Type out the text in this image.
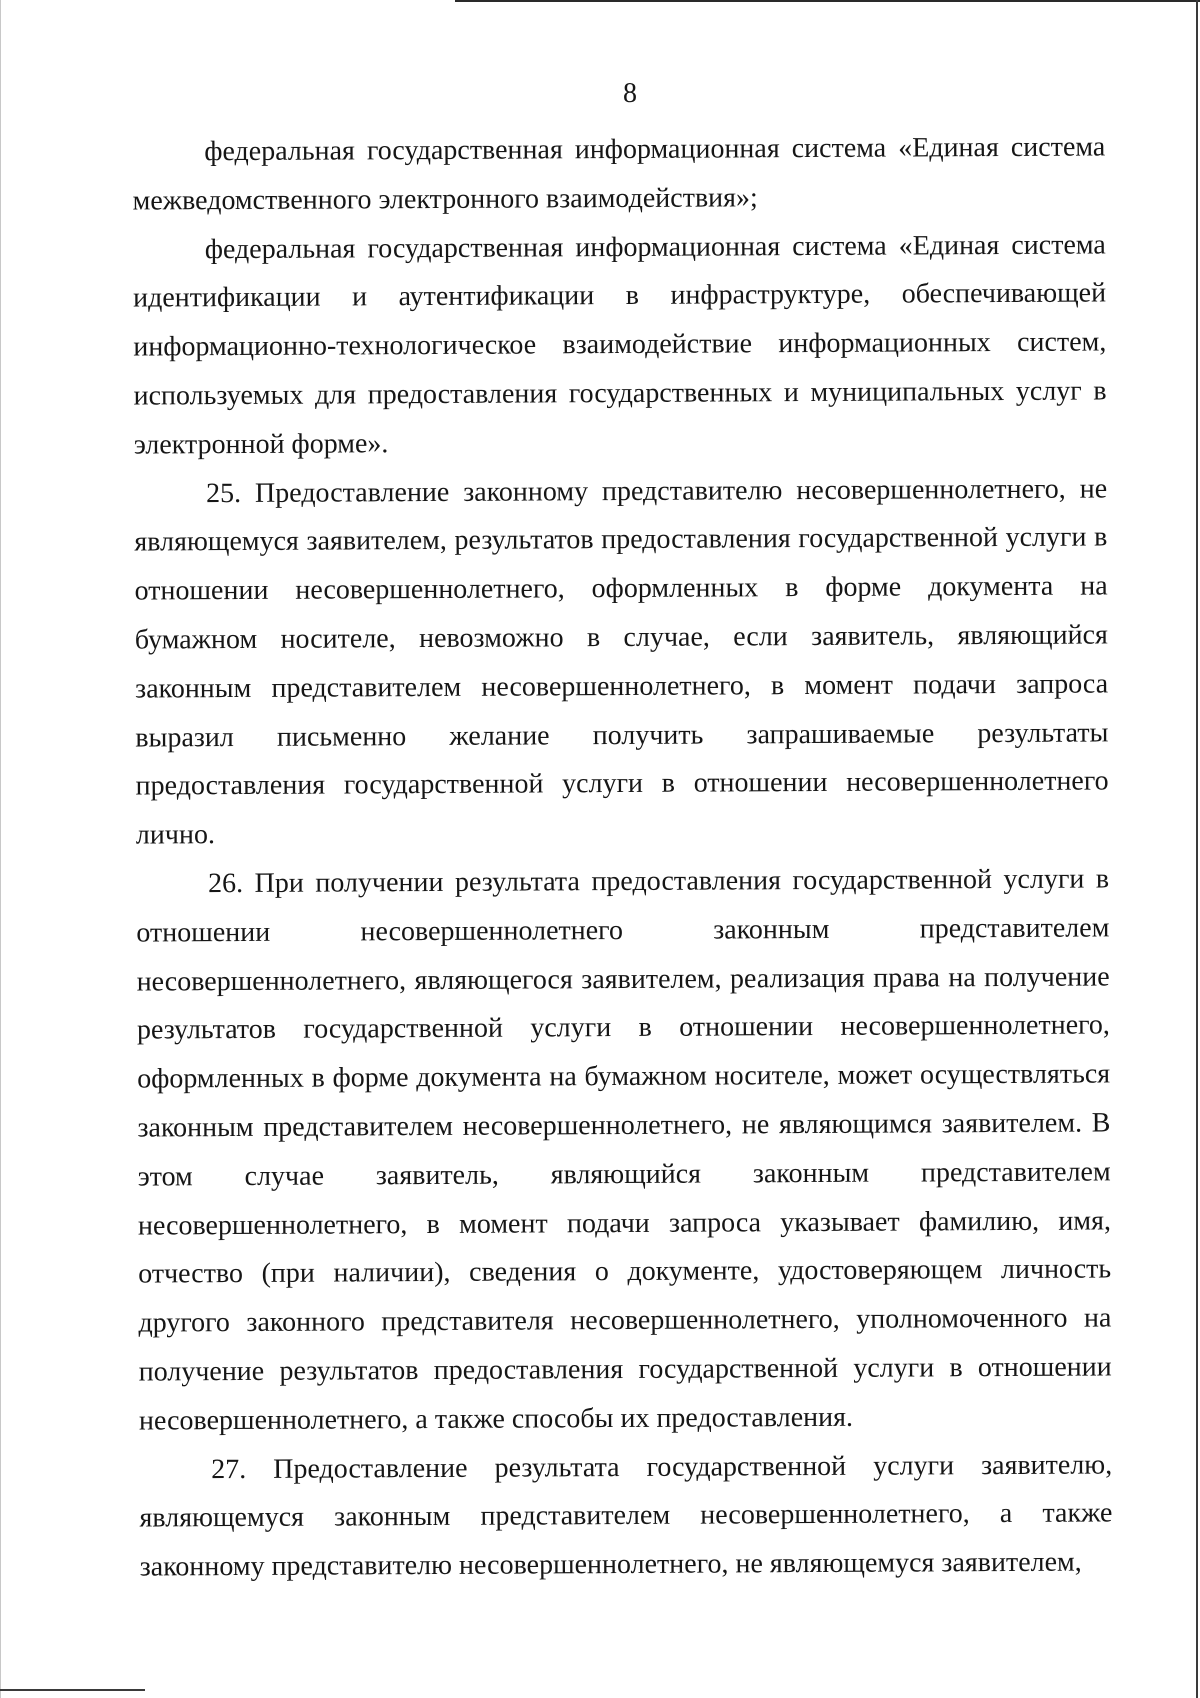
8

федеральная государственная информационная система «Единая система межведомственного электронного взаимодействия»;

федеральная государственная информационная система «Единая система идентификации и аутентификации в инфраструктуре, обеспечивающей информационно-технологическое взаимодействие информационных систем, используемых для предоставления государственных и муниципальных услуг в электронной форме».

25. Предоставление законному представителю несовершеннолетнего, не являющемуся заявителем, результатов предоставления государственной услуги в отношении несовершеннолетнего, оформленных в форме документа на бумажном носителе, невозможно в случае, если заявитель, являющийся законным представителем несовершеннолетнего, в момент подачи запроса выразил письменно желание получить запрашиваемые результаты предоставления государственной услуги в отношении несовершеннолетнего лично.

26. При получении результата предоставления государственной услуги в отношении несовершеннолетнего законным представителем несовершеннолетнего, являющегося заявителем, реализация права на получение результатов государственной услуги в отношении несовершеннолетнего, оформленных в форме документа на бумажном носителе, может осуществляться законным представителем несовершеннолетнего, не являющимся заявителем. В этом случае заявитель, являющийся законным представителем несовершеннолетнего, в момент подачи запроса указывает фамилию, имя, отчество (при наличии), сведения о документе, удостоверяющем личность другого законного представителя несовершеннолетнего, уполномоченного на получение результатов предоставления государственной услуги в отношении несовершеннолетнего, а также способы их предоставления.

27. Предоставление результата государственной услуги заявителю, являющемуся законным представителем несовершеннолетнего, а также законному представителю несовершеннолетнего, не являющемуся заявителем,
